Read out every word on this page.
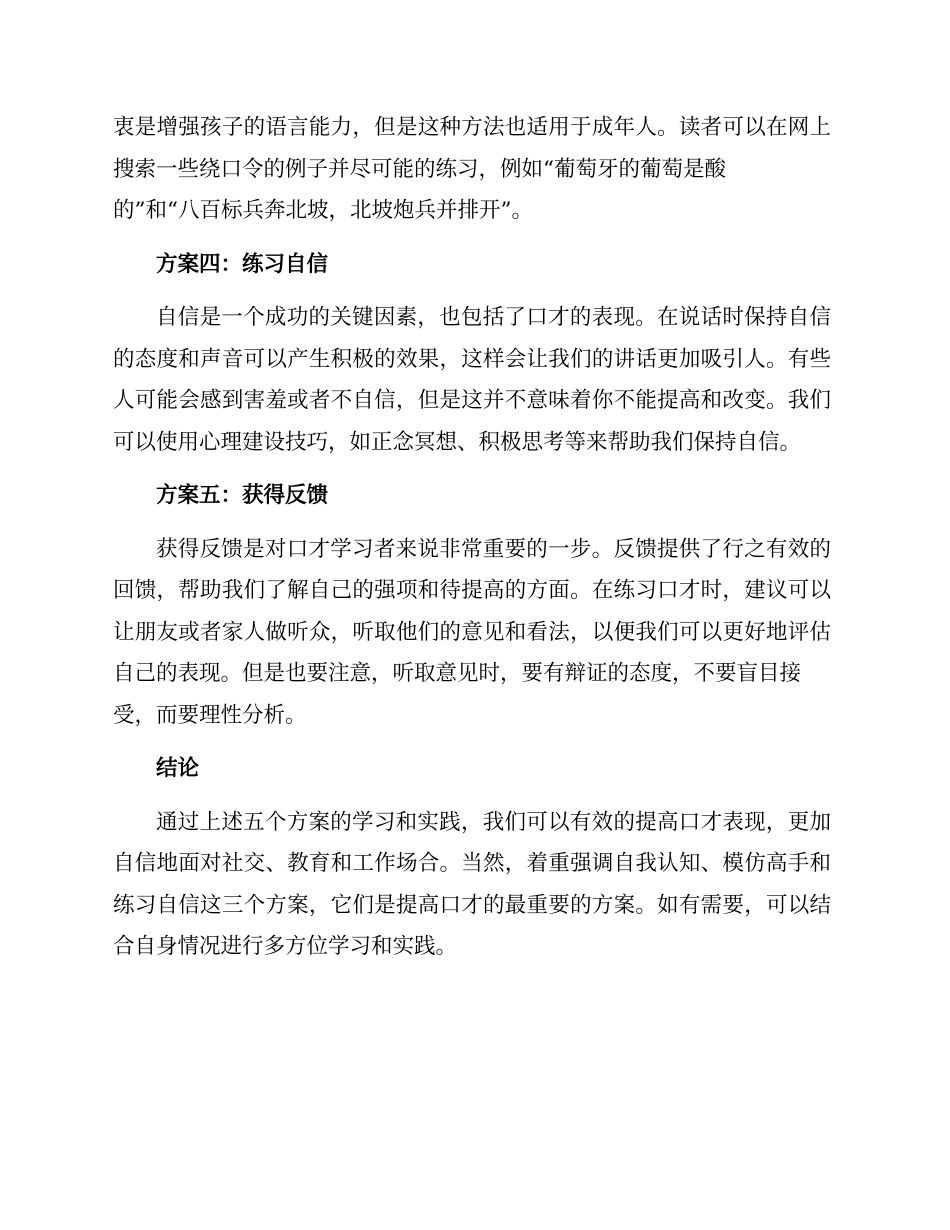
衷是增强孩子的语言能力，但是这种方法也适用于成年人。读者可以在网上

搜索一些绕口令的例子并尽可能的练习，例如“葡萄牙的葡萄是酸

的”和“八百标兵奔北坡，北坡炮兵并排开”。

方案四：练习自信

自信是一个成功的关键因素，也包括了口才的表现。在说话时保持自信

的态度和声音可以产生积极的效果，这样会让我们的讲话更加吸引人。有些

人可能会感到害羞或者不自信，但是这并不意味着你不能提高和改变。我们

可以使用心理建设技巧，如正念冥想、积极思考等来帮助我们保持自信。

方案五：获得反馈

获得反馈是对口才学习者来说非常重要的一步。反馈提供了行之有效的

回馈，帮助我们了解自己的强项和待提高的方面。在练习口才时，建议可以

让朋友或者家人做听众，听取他们的意见和看法，以便我们可以更好地评估

自己的表现。但是也要注意，听取意见时，要有辩证的态度，不要盲目接

受，而要理性分析。

结论

通过上述五个方案的学习和实践，我们可以有效的提高口才表现，更加

自信地面对社交、教育和工作场合。当然，着重强调自我认知、模仿高手和

练习自信这三个方案，它们是提高口才的最重要的方案。如有需要，可以结

合自身情况进行多方位学习和实践。
